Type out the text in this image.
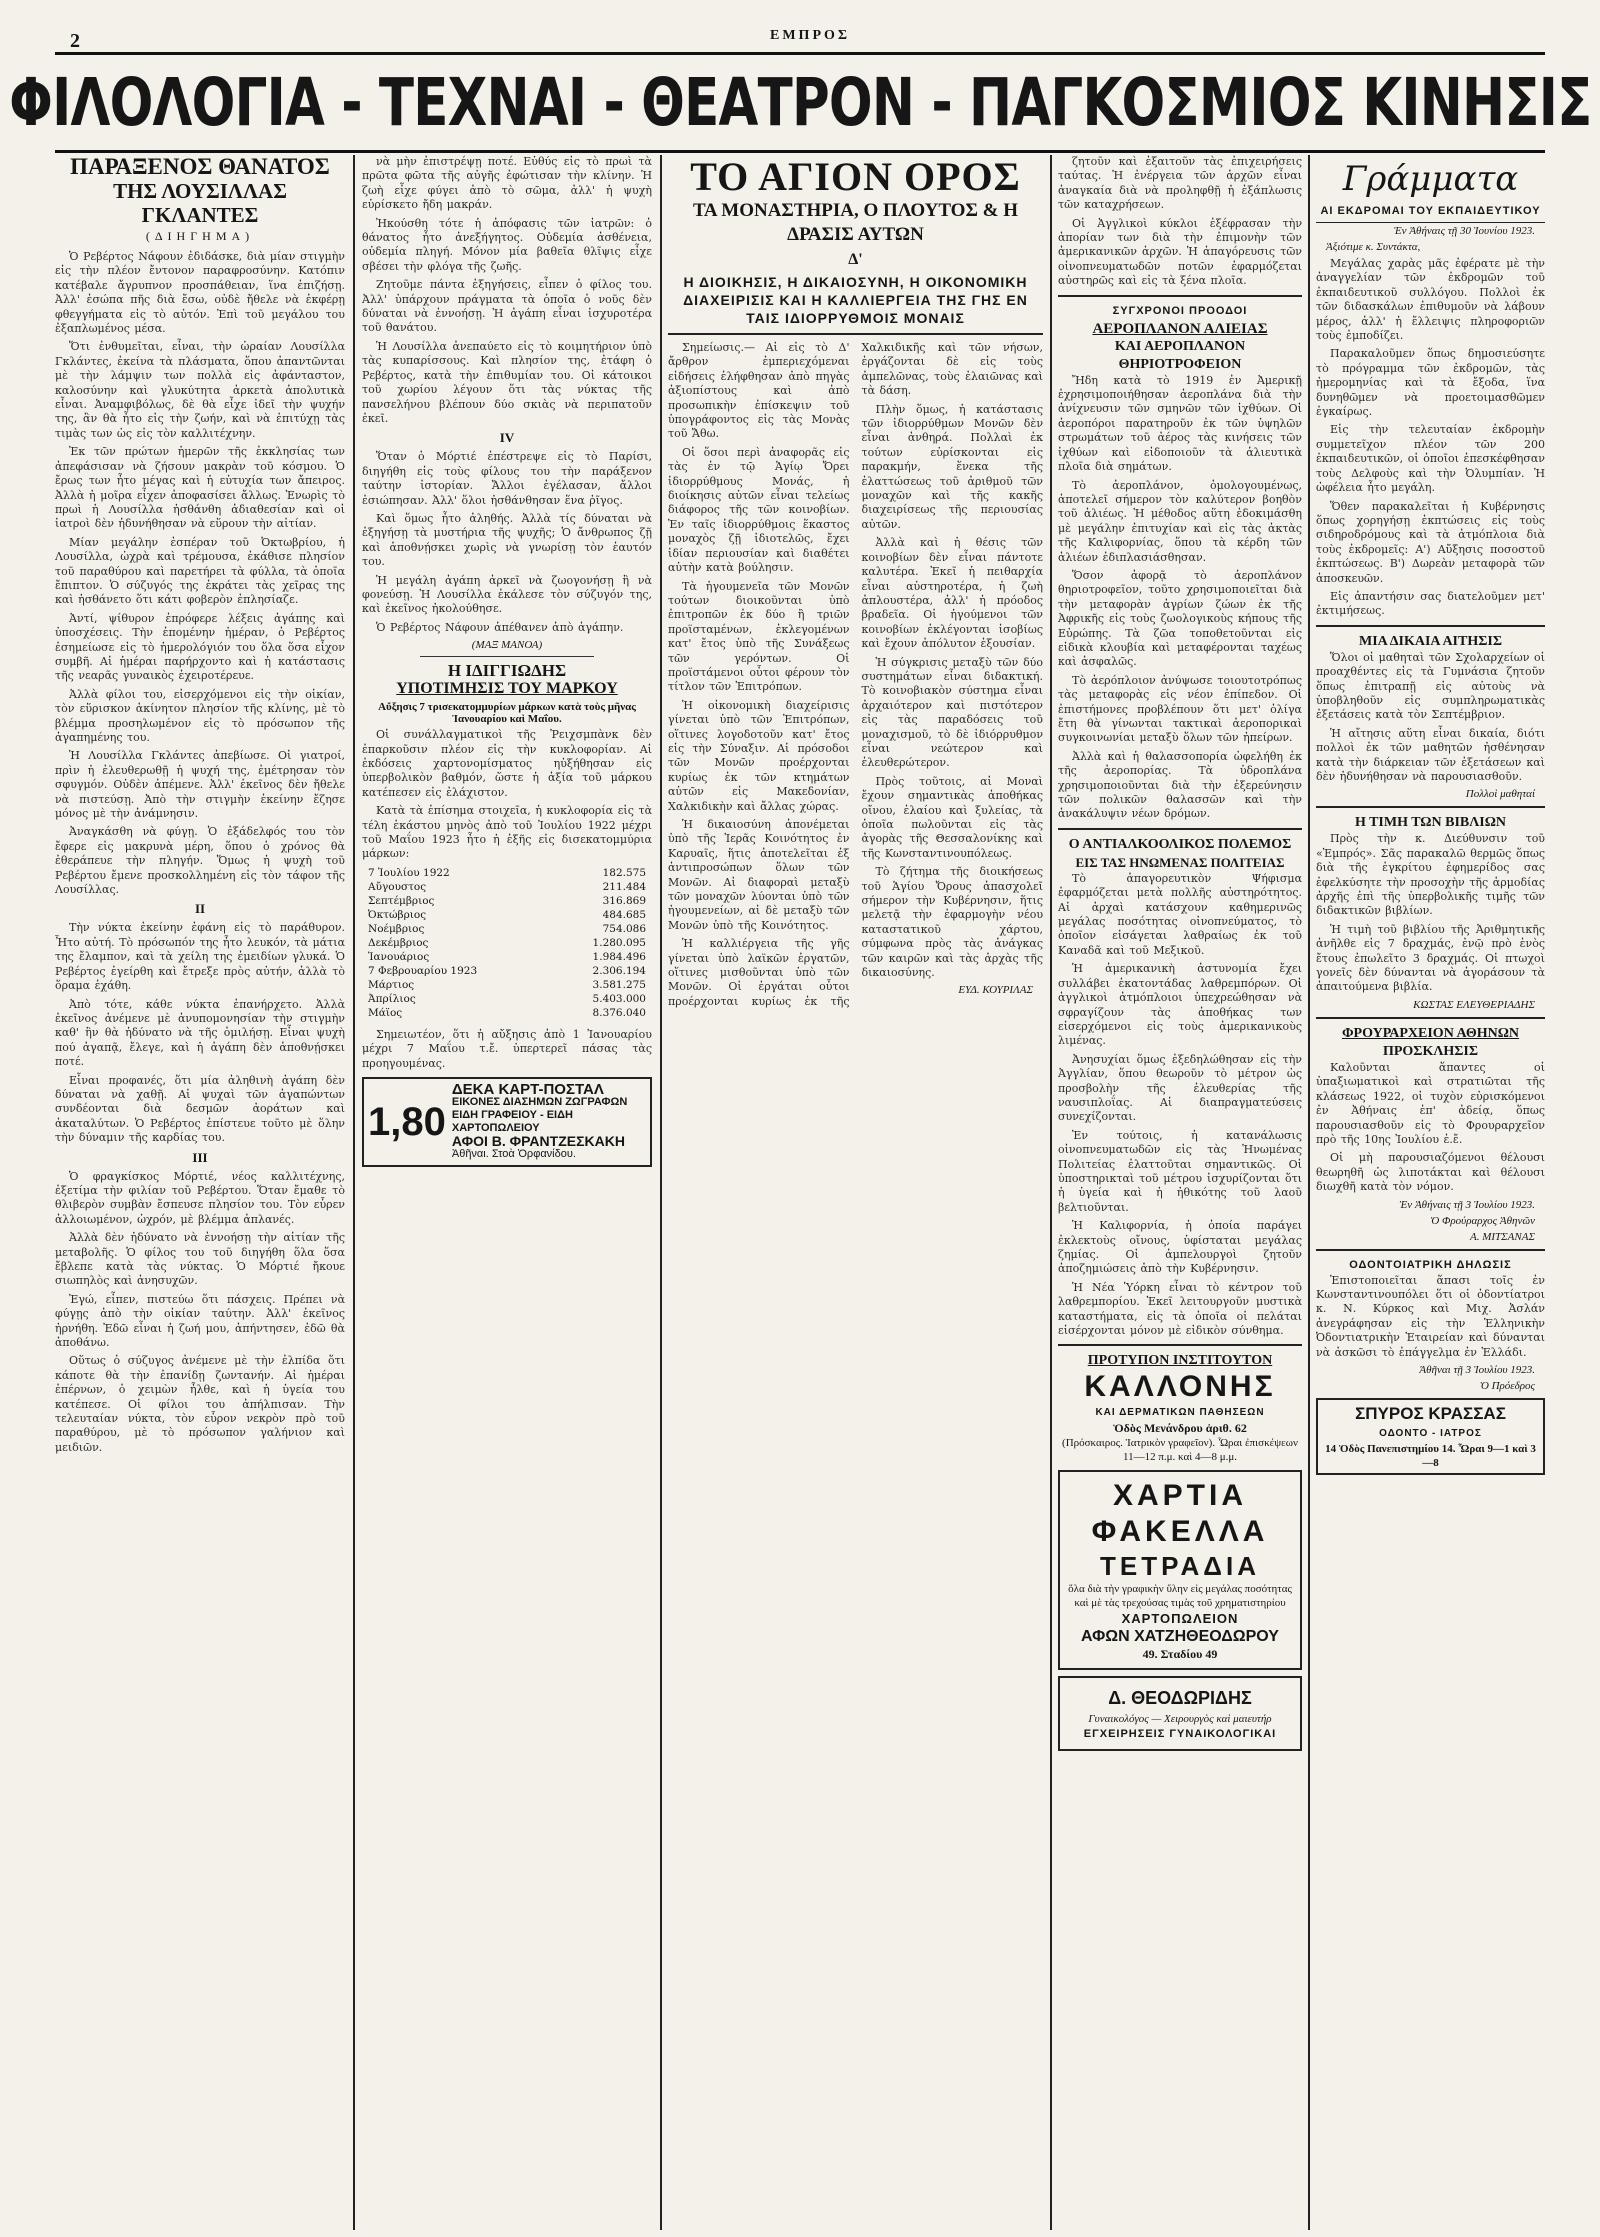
2	ΕΜΠΡΟΣ
ΦΙΛΟΛΟΓΙΑ - ΤΕΧΝΑΙ - ΘΕΑΤΡΟΝ - ΠΑΓΚΟΣΜΙΟΣ ΚΙΝΗΣΙΣ
ΠΑΡΑΞΕΝΟΣ ΘΑΝΑΤΟΣ
ΤΗΣ ΛΟΥΣΙΛΛΑΣ ΓΚΛΑΝΤΕΣ
(ΔΙΗΓΗΜΑ)

Ὁ Ρεβέρτος Νάφουν ἐδιδάσκε, διὰ μίαν στιγμὴν εἰς τὴν πλέον ἔντονον παραφροσύνην. Κατόπιν κατέβαλε ἄγρυπνον προσπάθειαν, ἵνα ἐπιζήσῃ. Ἀλλ' ἐσώπα πῆς διὰ ἔσω, οὐδὲ ἤθελε νὰ ἐκφέρῃ φθεγγήματα εἰς τὸ αὐτόν. Ἐπὶ τοῦ μεγάλου του ἐξαπλωμένος μέσα.

Ὅτι ἐνθυμεῖται, εἶναι, τὴν ὡραίαν Λουσίλλα Γκλάντες, ἐκείνα τὰ πλάσματα, ὅπου ἀπαντῶνται μὲ τὴν λάμψιν των πολλὰ εἰς ἀφάνταστον, καλοσύνην καὶ γλυκύτητα ἀρκετὰ ἀπολυτικὰ εἶναι. Ἀναμφιβόλως, δὲ θὰ εἶχε ἰδεῖ τὴν ψυχήν της, ἂν θὰ ἦτο εἰς τὴν ζωήν, καὶ νὰ ἐπιτύχῃ τὰς τιμὰς των ὡς εἰς τὸν καλλιτέχνην.

Ἐκ τῶν πρώτων ἡμερῶν τῆς ἐκκλησίας των ἀπεφάσισαν νὰ ζήσουν μακρὰν τοῦ κόσμου. Ὁ ἔρως των ἦτο μέγας καὶ ἡ εὐτυχία των ἄπειρος. Ἀλλὰ ἡ μοῖρα εἶχεν ἀποφασίσει ἄλλως. Ἐνωρὶς τὸ πρωὶ ἡ Λουσίλλα ἠσθάνθη ἀδιαθεσίαν καὶ οἱ ἰατροὶ δὲν ἠδυνήθησαν νὰ εὕρουν τὴν αἰτίαν.

Μίαν μεγάλην ἐσπέραν τοῦ Ὀκτωβρίου, ἡ Λουσίλλα, ὠχρὰ καὶ τρέμουσα, ἐκάθισε πλησίον τοῦ παραθύρου καὶ παρετήρει τὰ φύλλα, τὰ ὁποῖα ἔπιπτον. Ὁ σύζυγός της ἐκράτει τὰς χεῖρας της καὶ ἡσθάνετο ὅτι κάτι φοβερὸν ἐπλησίαζε.

Ἀντί, ψίθυρον ἐπρόφερε λέξεις ἀγάπης καὶ ὑποσχέσεις. Τὴν ἑπομένην ἡμέραν, ὁ Ρεβέρτος ἐσημείωσε εἰς τὸ ἡμερολόγιόν του ὅλα ὅσα εἶχον συμβῆ. Αἱ ἡμέραι παρήρχοντο καὶ ἡ κατάστασις τῆς νεαρᾶς γυναικὸς ἐχειροτέρευε.

Ἀλλὰ φίλοι του, εἰσερχόμενοι εἰς τὴν οἰκίαν, τὸν εὕρισκον ἀκίνητον πλησίον τῆς κλίνης, μὲ τὸ βλέμμα προσηλωμένον εἰς τὸ πρόσωπον τῆς ἀγαπημένης του.

Ἡ Λουσίλλα Γκλάντες ἀπεβίωσε. Οἱ γιατροί, πρὶν ἡ ἐλευθερωθῇ ἡ ψυχή της, ἐμέτρησαν τὸν σφυγμόν. Οὐδὲν ἀπέμενε. Ἀλλ' ἐκεῖνος δὲν ἤθελε νὰ πιστεύσῃ. Ἀπὸ τὴν στιγμὴν ἐκείνην ἔζησε μόνος μὲ τὴν ἀνάμνησιν.

Ἀναγκάσθη νὰ φύγῃ. Ὁ ἐξάδελφός του τὸν ἔφερε εἰς μακρυνὰ μέρη, ὅπου ὁ χρόνος θὰ ἐθεράπευε τὴν πληγήν. Ὅμως ἡ ψυχὴ τοῦ Ρεβέρτου ἔμενε προσκολλημένη εἰς τὸν τάφον τῆς Λουσίλλας.

II

Τὴν νύκτα ἐκείνην ἐφάνη εἰς τὸ παράθυρον. Ἦτο αὐτή. Τὸ πρόσωπόν της ἦτο λευκόν, τὰ μάτια της ἔλαμπον, καὶ τὰ χείλη της ἐμειδίων γλυκά. Ὁ Ρεβέρτος ἐγείρθη καὶ ἔτρεξε πρὸς αὐτήν, ἀλλὰ τὸ ὅραμα ἐχάθη.

Ἀπὸ τότε, κάθε νύκτα ἐπανήρχετο. Ἀλλὰ ἐκεῖνος ἀνέμενε μὲ ἀνυπομονησίαν τὴν στιγμὴν καθ' ἣν θὰ ἠδύνατο νὰ τῆς ὁμιλήσῃ. Εἶναι ψυχὴ πού ἀγαπᾷ, ἔλεγε, καὶ ἡ ἀγάπη δὲν ἀποθνῄσκει ποτέ.

Εἶναι προφανές, ὅτι μία ἀληθινὴ ἀγάπη δὲν δύναται νὰ χαθῇ. Αἱ ψυχαὶ τῶν ἀγαπώντων συνδέονται διὰ δεσμῶν ἀοράτων καὶ ἀκαταλύτων. Ὁ Ρεβέρτος ἐπίστευε τοῦτο μὲ ὅλην τὴν δύναμιν τῆς καρδίας του.

III

Ὁ φραγκίσκος Μόρτιέ, νέος καλλιτέχνης, ἐξετίμα τὴν φιλίαν τοῦ Ρεβέρτου. Ὅταν ἔμαθε τὸ θλιβερὸν συμβὰν ἔσπευσε πλησίον του. Τὸν εὗρεν ἀλλοιωμένον, ὠχρόν, μὲ βλέμμα ἀπλανές.

Ἀλλὰ δὲν ἠδύνατο νὰ ἐννοήσῃ τὴν αἰτίαν τῆς μεταβολῆς. Ὁ φίλος του τοῦ διηγήθη ὅλα ὅσα ἔβλεπε κατὰ τὰς νύκτας. Ὁ Μόρτιέ ἤκουε σιωπηλὸς καὶ ἀνησυχῶν.

Ἐγώ, εἶπεν, πιστεύω ὅτι πάσχεις. Πρέπει νὰ φύγῃς ἀπὸ τὴν οἰκίαν ταύτην. Ἀλλ' ἐκεῖνος ἠρνήθη. Ἐδῶ εἶναι ἡ ζωή μου, ἀπήντησεν, ἐδῶ θὰ ἀποθάνω.

Οὕτως ὁ σύζυγος ἀνέμενε μὲ τὴν ἐλπίδα ὅτι κάποτε θὰ τὴν ἐπανίδῃ ζωντανήν. Αἱ ἡμέραι ἐπέρνων, ὁ χειμὼν ἦλθε, καὶ ἡ ὑγεία του κατέπεσε. Οἱ φίλοι του ἀπήλπισαν. Τὴν τελευταίαν νύκτα, τὸν εὗρον νεκρὸν πρὸ τοῦ παραθύρου, μὲ τὸ πρόσωπον γαλήνιον καὶ μειδιῶν.

νὰ μὴν ἐπιστρέψῃ ποτέ. Εὐθύς εἰς τὸ πρωὶ τὰ πρῶτα φῶτα τῆς αὐγῆς ἐφώτισαν τὴν κλίνην. Ἡ ζωὴ εἶχε φύγει ἀπὸ τὸ σῶμα, ἀλλ' ἡ ψυχὴ εὑρίσκετο ἤδη μακράν.

Ἠκούσθη τότε ἡ ἀπόφασις τῶν ἰατρῶν: ὁ θάνατος ἦτο ἀνεξήγητος. Οὐδεμία ἀσθένεια, οὐδεμία πληγή. Μόνον μία βαθεῖα θλῖψις εἶχε σβέσει τὴν φλόγα τῆς ζωῆς.

Ζητοῦμε πάντα ἐξηγήσεις, εἶπεν ὁ φίλος του. Ἀλλ' ὑπάρχουν πράγματα τὰ ὁποῖα ὁ νοῦς δὲν δύναται νὰ ἐννοήσῃ. Ἡ ἀγάπη εἶναι ἰσχυροτέρα τοῦ θανάτου.

Ἡ Λουσίλλα ἀνεπαύετο εἰς τὸ κοιμητήριον ὑπὸ τὰς κυπαρίσσους. Καὶ πλησίον της, ἐτάφη ὁ Ρεβέρτος, κατὰ τὴν ἐπιθυμίαν του. Οἱ κάτοικοι τοῦ χωρίου λέγουν ὅτι τὰς νύκτας τῆς πανσελήνου βλέπουν δύο σκιὰς νὰ περιπατοῦν ἐκεῖ.

IV

Ὅταν ὁ Μόρτιέ ἐπέστρεψε εἰς τὸ Παρίσι, διηγήθη εἰς τοὺς φίλους του τὴν παράξενον ταύτην ἱστορίαν. Ἄλλοι ἐγέλασαν, ἄλλοι ἐσιώπησαν. Ἀλλ' ὅλοι ἠσθάνθησαν ἕνα ῥῖγος.

Καὶ ὅμως ἦτο ἀληθής. Ἀλλὰ τίς δύναται νὰ ἐξηγήσῃ τὰ μυστήρια τῆς ψυχῆς; Ὁ ἄνθρωπος ζῇ καὶ ἀποθνῄσκει χωρὶς νὰ γνωρίσῃ τὸν ἑαυτόν του.

Ἡ μεγάλη ἀγάπη ἀρκεῖ νὰ ζωογονήσῃ ἢ νὰ φονεύσῃ. Ἡ Λουσίλλα ἐκάλεσε τὸν σύζυγόν της, καὶ ἐκεῖνος ἠκολούθησε.

Ὁ Ρεβέρτος Νάφουν ἀπέθανεν ἀπὸ ἀγάπην.

(ΜΑΞ ΜΑΝΟΑ)
Η ΙΔΙΓΓΙΩΔΗΣ
ΥΠΟΤΙΜΗΣΙΣ ΤΟΥ ΜΑΡΚΟΥ
Αὔξησις 7 τρισεκατομμυρίων μάρκων κατὰ τοὺς μῆνας Ἰανουαρίου καὶ Μαΐου.

Οἱ συνάλλαγματικοὶ τῆς Ῥειχσμπὰνκ δὲν ἐπαρκοῦσιν πλέον εἰς τὴν κυκλοφορίαν. Αἱ ἐκδόσεις χαρτονομίσματος ηὐξήθησαν εἰς ὑπερβολικὸν βαθμόν, ὥστε ἡ ἀξία τοῦ μάρκου κατέπεσεν εἰς ἐλάχιστον.

Κατὰ τὰ ἐπίσημα στοιχεῖα, ἡ κυκλοφορία εἰς τὰ τέλη ἑκάστου μηνὸς ἀπὸ τοῦ Ἰουλίου 1922 μέχρι τοῦ Μαΐου 1923 ἦτο ἡ ἑξῆς εἰς δισεκατομμύρια μάρκων:

7 Ἰουλίου 1922	182.575
Αὔγουστος	211.484
Σεπτέμβριος	316.869
Ὀκτώβριος	484.685
Νοέμβριος	754.086
Δεκέμβριος	1.280.095
Ἰανουάριος	1.984.496
7 Φεβρουαρίου 1923	2.306.194
Μάρτιος	3.581.275
Ἀπρίλιος	5.403.000
Μάϊος	8.376.040

Σημειωτέον, ὅτι ἡ αὔξησις ἀπὸ 1 Ἰανουαρίου μέχρι 7 Μαΐου τ.ἔ. ὑπερτερεῖ πάσας τὰς προηγουμένας.

1,80
ΔΕΚΑ ΚΑΡΤ-ΠΟΣΤΑΛ
ΕΙΚΟΝΕΣ ΔΙΑΣΗΜΩΝ ΖΩΓΡΑΦΩΝ
ΕΙΔΗ ΓΡΑΦΕΙΟΥ - ΕΙΔΗ ΧΑΡΤΟΠΩΛΕΙΟΥ
ΑΦΟΙ Β. ΦΡΑΝΤΖΕΣΚΑΚΗ
Ἀθῆναι. Στοὰ Ὀρφανίδου.
ΤΟ ΑΓΙΟΝ ΟΡΟΣ
ΤΑ ΜΟΝΑΣΤΗΡΙΑ, Ο ΠΛΟΥΤΟΣ & Η ΔΡΑΣΙΣ ΑΥΤΩΝ
Δ'
Η ΔΙΟΙΚΗΣΙΣ, Η ΔΙΚΑΙΟΣΥΝΗ, Η ΟΙΚΟΝΟΜΙΚΗ ΔΙΑΧΕΙΡΙΣΙΣ ΚΑΙ Η ΚΑΛΛΙΕΡΓΕΙΑ ΤΗΣ ΓΗΣ ΕΝ ΤΑΙΣ ΙΔΙΟΡΡΥΘΜΟΙΣ ΜΟΝΑΙΣ

Σημείωσις.— Αἱ εἰς τὸ Δ' ἄρθρον ἐμπεριεχόμεναι εἰδήσεις ἐλήφθησαν ἀπὸ πηγὰς ἀξιοπίστους καὶ ἀπὸ προσωπικὴν ἐπίσκεψιν τοῦ ὑπογράφοντος εἰς τὰς Μονὰς τοῦ Ἄθω.

Οἱ ὅσοι περὶ ἀναφορᾶς εἰς τὰς ἐν τῷ Ἁγίῳ Ὄρει ἰδιορρύθμους Μονάς, ἡ διοίκησις αὐτῶν εἶναι τελείως διάφορος τῆς τῶν κοινοβίων. Ἐν ταῖς ἰδιορρύθμοις ἕκαστος μοναχὸς ζῇ ἰδιοτελῶς, ἔχει ἰδίαν περιουσίαν καὶ διαθέτει αὐτὴν κατὰ βούλησιν.

Τὰ ἡγουμενεῖα τῶν Μονῶν τούτων διοικοῦνται ὑπὸ ἐπιτροπῶν ἐκ δύο ἢ τριῶν προϊσταμένων, ἐκλεγομένων κατ' ἔτος ὑπὸ τῆς Συνάξεως τῶν γερόντων. Οἱ προϊστάμενοι οὗτοι φέρουν τὸν τίτλον τῶν Ἐπιτρόπων.

Ἡ οἰκονομικὴ διαχείρισις γίνεται ὑπὸ τῶν Ἐπιτρόπων, οἵτινες λογοδοτοῦν κατ' ἔτος εἰς τὴν Σύναξιν. Αἱ πρόσοδοι τῶν Μονῶν προέρχονται κυρίως ἐκ τῶν κτημάτων αὐτῶν εἰς Μακεδονίαν, Χαλκιδικὴν καὶ ἄλλας χώρας.

Ἡ δικαιοσύνη ἀπονέμεται ὑπὸ τῆς Ἱερᾶς Κοινότητος ἐν Καρυαῖς, ἥτις ἀποτελεῖται ἐξ ἀντιπροσώπων ὅλων τῶν Μονῶν. Αἱ διαφοραὶ μεταξὺ τῶν μοναχῶν λύονται ὑπὸ τῶν ἡγουμενείων, αἱ δὲ μεταξὺ τῶν Μονῶν ὑπὸ τῆς Κοινότητος.

Ἡ καλλιέργεια τῆς γῆς γίνεται ὑπὸ λαϊκῶν ἐργατῶν, οἵτινες μισθοῦνται ὑπὸ τῶν Μονῶν. Οἱ ἐργάται οὗτοι προέρχονται κυρίως ἐκ τῆς Χαλκιδικῆς καὶ τῶν νήσων, ἐργάζονται δὲ εἰς τοὺς ἀμπελῶνας, τοὺς ἐλαιῶνας καὶ τὰ δάση.

Πλὴν ὅμως, ἡ κατάστασις τῶν ἰδιορρύθμων Μονῶν δὲν εἶναι ἀνθηρά. Πολλαὶ ἐκ τούτων εὑρίσκονται εἰς παρακμήν, ἕνεκα τῆς ἐλαττώσεως τοῦ ἀριθμοῦ τῶν μοναχῶν καὶ τῆς κακῆς διαχειρίσεως τῆς περιουσίας αὐτῶν.

Ἀλλὰ καὶ ἡ θέσις τῶν κοινοβίων δὲν εἶναι πάντοτε καλυτέρα. Ἐκεῖ ἡ πειθαρχία εἶναι αὐστηροτέρα, ἡ ζωὴ ἁπλουστέρα, ἀλλ' ἡ πρόοδος βραδεῖα. Οἱ ἡγούμενοι τῶν κοινοβίων ἐκλέγονται ἰσοβίως καὶ ἔχουν ἀπόλυτον ἐξουσίαν.

Ἡ σύγκρισις μεταξὺ τῶν δύο συστημάτων εἶναι διδακτική. Τὸ κοινοβιακὸν σύστημα εἶναι ἀρχαιότερον καὶ πιστότερον εἰς τὰς παραδόσεις τοῦ μοναχισμοῦ, τὸ δὲ ἰδιόρρυθμον εἶναι νεώτερον καὶ ἐλευθερώτερον.

Πρὸς τοῦτοις, αἱ Μοναὶ ἔχουν σημαντικὰς ἀποθήκας οἴνου, ἐλαίου καὶ ξυλείας, τὰ ὁποῖα πωλοῦνται εἰς τὰς ἀγορὰς τῆς Θεσσαλονίκης καὶ τῆς Κωνσταντινουπόλεως.

Τὸ ζήτημα τῆς διοικήσεως τοῦ Ἁγίου Ὄρους ἀπασχολεῖ σήμερον τὴν Κυβέρνησιν, ἥτις μελετᾷ τὴν ἐφαρμογὴν νέου καταστατικοῦ χάρτου, σύμφωνα πρὸς τὰς ἀνάγκας τῶν καιρῶν καὶ τὰς ἀρχὰς τῆς δικαιοσύνης.

ΕΥΔ. ΚΟΥΡΙΛΑΣ

ζητοῦν καὶ ἐξαιτοῦν τὰς ἐπιχειρήσεις ταύτας. Ἡ ἐνέργεια τῶν ἀρχῶν εἶναι ἀναγκαία διὰ νὰ προληφθῇ ἡ ἐξάπλωσις τῶν καταχρήσεων.

Οἱ Ἀγγλικοὶ κύκλοι ἐξέφρασαν τὴν ἀπορίαν των διὰ τὴν ἐπιμονὴν τῶν ἀμερικανικῶν ἀρχῶν. Ἡ ἀπαγόρευσις τῶν οἰνοπνευματωδῶν ποτῶν ἐφαρμόζεται αὐστηρῶς καὶ εἰς τὰ ξένα πλοῖα.

ΣΥΓΧΡΟΝΟΙ ΠΡΟΟΔΟΙ
ΑΕΡΟΠΛΑΝΟΝ ΑΛΙΕΙΑΣ
ΚΑΙ ΑΕΡΟΠΛΑΝΟΝ ΘΗΡΙΟΤΡΟΦΕΙΟΝ

Ἤδη κατὰ τὸ 1919 ἐν Ἀμερικῇ ἐχρησιμοποιήθησαν ἀεροπλάνα διὰ τὴν ἀνίχνευσιν τῶν σμηνῶν τῶν ἰχθύων. Οἱ ἀεροπόροι παρατηροῦν ἐκ τῶν ὑψηλῶν στρωμάτων τοῦ ἀέρος τὰς κινήσεις τῶν ἰχθύων καὶ εἰδοποιοῦν τὰ ἁλιευτικὰ πλοῖα διὰ σημάτων.

Τὸ ἀεροπλάνον, ὁμολογουμένως, ἀποτελεῖ σήμερον τὸν καλύτερον βοηθὸν τοῦ ἁλιέως. Ἡ μέθοδος αὕτη ἐδοκιμάσθη μὲ μεγάλην ἐπιτυχίαν καὶ εἰς τὰς ἀκτὰς τῆς Καλιφορνίας, ὅπου τὰ κέρδη τῶν ἁλιέων ἐδιπλασιάσθησαν.

Ὅσον ἀφορᾷ τὸ ἀεροπλάνον θηριοτροφεῖον, τοῦτο χρησιμοποιεῖται διὰ τὴν μεταφορὰν ἀγρίων ζώων ἐκ τῆς Ἀφρικῆς εἰς τοὺς ζωολογικοὺς κήπους τῆς Εὐρώπης. Τὰ ζῶα τοποθετοῦνται εἰς εἰδικὰ κλουβία καὶ μεταφέρονται ταχέως καὶ ἀσφαλῶς.

Τὸ ἀερόπλοιον ἀνύψωσε τοιουτοτρόπως τὰς μεταφορὰς εἰς νέον ἐπίπεδον. Οἱ ἐπιστήμονες προβλέπουν ὅτι μετ' ὀλίγα ἔτη θὰ γίνωνται τακτικαὶ ἀεροπορικαὶ συγκοινωνίαι μεταξὺ ὅλων τῶν ἠπείρων.

Ἀλλὰ καὶ ἡ θαλασσοπορία ὠφελήθη ἐκ τῆς ἀεροπορίας. Τὰ ὑδροπλάνα χρησιμοποιοῦνται διὰ τὴν ἐξερεύνησιν τῶν πολικῶν θαλασσῶν καὶ τὴν ἀνακάλυψιν νέων δρόμων.

Ο ΑΝΤΙΑΛΚΟΟΛΙΚΟΣ ΠΟΛΕΜΟΣ
ΕΙΣ ΤΑΣ ΗΝΩΜΕΝΑΣ ΠΟΛΙΤΕΙΑΣ

Τὸ ἀπαγορευτικὸν Ψήφισμα ἐφαρμόζεται μετὰ πολλῆς αὐστηρότητος. Αἱ ἀρχαὶ κατάσχουν καθημερινῶς μεγάλας ποσότητας οἰνοπνεύματος, τὸ ὁποῖον εἰσάγεται λαθραίως ἐκ τοῦ Καναδᾶ καὶ τοῦ Μεξικοῦ.

Ἡ ἀμερικανικὴ ἀστυνομία ἔχει συλλάβει ἑκατοντάδας λαθρεμπόρων. Οἱ ἀγγλικοὶ ἀτμόπλοιοι ὑπεχρεώθησαν νὰ σφραγίζουν τὰς ἀποθήκας των εἰσερχόμενοι εἰς τοὺς ἀμερικανικοὺς λιμένας.

Ἀνησυχίαι ὅμως ἐξεδηλώθησαν εἰς τὴν Ἀγγλίαν, ὅπου θεωροῦν τὸ μέτρον ὡς προσβολὴν τῆς ἐλευθερίας τῆς ναυσιπλοΐας. Αἱ διαπραγματεύσεις συνεχίζονται.

Ἐν τούτοις, ἡ κατανάλωσις οἰνοπνευματωδῶν εἰς τὰς Ἡνωμένας Πολιτείας ἐλαττοῦται σημαντικῶς. Οἱ ὑποστηρικταὶ τοῦ μέτρου ἰσχυρίζονται ὅτι ἡ ὑγεία καὶ ἡ ἠθικότης τοῦ λαοῦ βελτιοῦνται.

Ἡ Καλιφορνία, ἡ ὁποία παράγει ἐκλεκτοὺς οἴνους, ὑφίσταται μεγάλας ζημίας. Οἱ ἀμπελουργοὶ ζητοῦν ἀποζημιώσεις ἀπὸ τὴν Κυβέρνησιν.

Ἡ Νέα Ὑόρκη εἶναι τὸ κέντρον τοῦ λαθρεμπορίου. Ἐκεῖ λειτουργοῦν μυστικὰ καταστήματα, εἰς τὰ ὁποῖα οἱ πελάται εἰσέρχονται μόνον μὲ εἰδικὸν σύνθημα.

ΠΡΟΤΥΠΟΝ ΙΝΣΤΙΤΟΥΤΟΝ
ΚΑΛΛΟΝΗΣ
ΚΑΙ ΔΕΡΜΑΤΙΚΩΝ ΠΑΘΗΣΕΩΝ
Ὁδὸς Μενάνδρου ἀριθ. 62
(Πρόσκαιρος. Ἰατρικὸν γραφεῖον). Ὧραι ἐπισκέψεων 11—12 π.μ. καὶ 4—8 μ.μ.
ΧΑΡΤΙΑ
ΦΑΚΕΛΛΑ
ΤΕΤΡΑΔΙΑ
ὅλα διὰ τὴν γραφικὴν ὕλην εἰς μεγάλας ποσότητας καὶ μὲ τὰς τρεχούσας τιμὰς τοῦ χρηματιστηρίου
ΧΑΡΤΟΠΩΛΕΙΟΝ
ΑΦΩΝ ΧΑΤΖΗΘΕΟΔΩΡΟΥ
49. Σταδίου 49
Δ. ΘΕΟΔΩΡΙΔΗΣ
Γυναικολόγος — Χειρουργὸς καὶ μαιευτήρ
ΕΓΧΕΙΡΗΣΕΙΣ ΓΥΝΑΙΚΟΛΟΓΙΚΑΙ
Γράμματα
ΑΙ ΕΚΔΡΟΜΑΙ ΤΟΥ ΕΚΠΑΙΔΕΥΤΙΚΟΥ
Ἐν Ἀθήναις τῇ 30 Ἰουνίου 1923.
Ἀξιότιμε κ. Συντάκτα,

Μεγάλας χαρὰς μᾶς ἐφέρατε μὲ τὴν ἀναγγελίαν τῶν ἐκδρομῶν τοῦ ἐκπαιδευτικοῦ συλλόγου. Πολλοὶ ἐκ τῶν διδασκάλων ἐπιθυμοῦν νὰ λάβουν μέρος, ἀλλ' ἡ ἔλλειψις πληροφοριῶν τοὺς ἐμποδίζει.

Παρακαλοῦμεν ὅπως δημοσιεύσητε τὸ πρόγραμμα τῶν ἐκδρομῶν, τὰς ἡμερομηνίας καὶ τὰ ἔξοδα, ἵνα δυνηθῶμεν νὰ προετοιμασθῶμεν ἐγκαίρως.

Εἰς τὴν τελευταίαν ἐκδρομὴν συμμετεῖχον πλέον τῶν 200 ἐκπαιδευτικῶν, οἱ ὁποῖοι ἐπεσκέφθησαν τοὺς Δελφοὺς καὶ τὴν Ὀλυμπίαν. Ἡ ὠφέλεια ἦτο μεγάλη.

Ὅθεν παρακαλεῖται ἡ Κυβέρνησις ὅπως χορηγήσῃ ἐκπτώσεις εἰς τοὺς σιδηροδρόμους καὶ τὰ ἀτμόπλοια διὰ τοὺς ἐκδρομεῖς: Α') Αὔξησις ποσοστοῦ ἐκπτώσεως. Β') Δωρεὰν μεταφορὰ τῶν ἀποσκευῶν.

Εἰς ἀπαντήσιν σας διατελοῦμεν μετ' ἐκτιμήσεως.

ΜΙΑ ΔΙΚΑΙΑ ΑΙΤΗΣΙΣ

Ὅλοι οἱ μαθηταὶ τῶν Σχολαρχείων οἱ προαχθέντες εἰς τὰ Γυμνάσια ζητοῦν ὅπως ἐπιτραπῇ εἰς αὐτοὺς νὰ ὑποβληθοῦν εἰς συμπληρωματικὰς ἐξετάσεις κατὰ τὸν Σεπτέμβριον.

Ἡ αἴτησις αὕτη εἶναι δικαία, διότι πολλοὶ ἐκ τῶν μαθητῶν ἠσθένησαν κατὰ τὴν διάρκειαν τῶν ἐξετάσεων καὶ δὲν ἠδυνήθησαν νὰ παρουσιασθοῦν.

Πολλοὶ μαθηταί
Η ΤΙΜΗ ΤΩΝ ΒΙΒΛΙΩΝ

Πρὸς τὴν κ. Διεύθυνσιν τοῦ «Ἐμπρός». Σᾶς παρακαλῶ θερμῶς ὅπως διὰ τῆς ἐγκρίτου ἐφημερίδος σας ἐφελκύσητε τὴν προσοχὴν τῆς ἁρμοδίας ἀρχῆς ἐπὶ τῆς ὑπερβολικῆς τιμῆς τῶν διδακτικῶν βιβλίων.

Ἡ τιμὴ τοῦ βιβλίου τῆς Ἀριθμητικῆς ἀνῆλθε εἰς 7 δραχμάς, ἐνῷ πρὸ ἑνὸς ἔτους ἐπωλεῖτο 3 δραχμάς. Οἱ πτωχοὶ γονεῖς δὲν δύνανται νὰ ἀγοράσουν τὰ ἀπαιτούμενα βιβλία.

ΚΩΣΤΑΣ ΕΛΕΥΘΕΡΙΑΔΗΣ
ΦΡΟΥΡΑΡΧΕΙΟΝ ΑΘΗΝΩΝ
ΠΡΟΣΚΛΗΣΙΣ

Καλοῦνται ἅπαντες οἱ ὑπαξιωματικοὶ καὶ στρατιῶται τῆς κλάσεως 1922, οἱ τυχὸν εὑρισκόμενοι ἐν Ἀθήναις ἐπ' ἀδείᾳ, ὅπως παρουσιασθοῦν εἰς τὸ Φρουραρχεῖον πρὸ τῆς 10ης Ἰουλίου ἐ.ἔ.

Οἱ μὴ παρουσιαζόμενοι θέλουσι θεωρηθῆ ὡς λιποτάκται καὶ θέλουσι διωχθῆ κατὰ τὸν νόμον.

Ἐν Ἀθήναις τῇ 3 Ἰουλίου 1923.
Ὁ Φρούραρχος Ἀθηνῶν
Α. ΜΙΤΣΑΝΑΣ
ΟΔΟΝΤΟΙΑΤΡΙΚΗ ΔΗΛΩΣΙΣ

Ἐπιστοποιεῖται ἅπασι τοῖς ἐν Κωνσταντινουπόλει ὅτι οἱ ὀδοντίατροι κ. Ν. Κύρκος καὶ Μιχ. Ἀσλάν ἀνεγράφησαν εἰς τὴν Ἑλληνικὴν Ὀδοντιατρικὴν Ἑταιρείαν καὶ δύνανται νὰ ἀσκῶσι τὸ ἐπάγγελμα ἐν Ἑλλάδι.

Ἀθῆναι τῇ 3 Ἰουλίου 1923.
Ὁ Πρόεδρος
ΣΠΥΡΟΣ ΚΡΑΣΣΑΣ
ΟΔΟΝΤΟ - ΙΑΤΡΟΣ
14 Ὁδὸς Πανεπιστημίου 14. Ὧραι 9—1 καὶ 3—8
